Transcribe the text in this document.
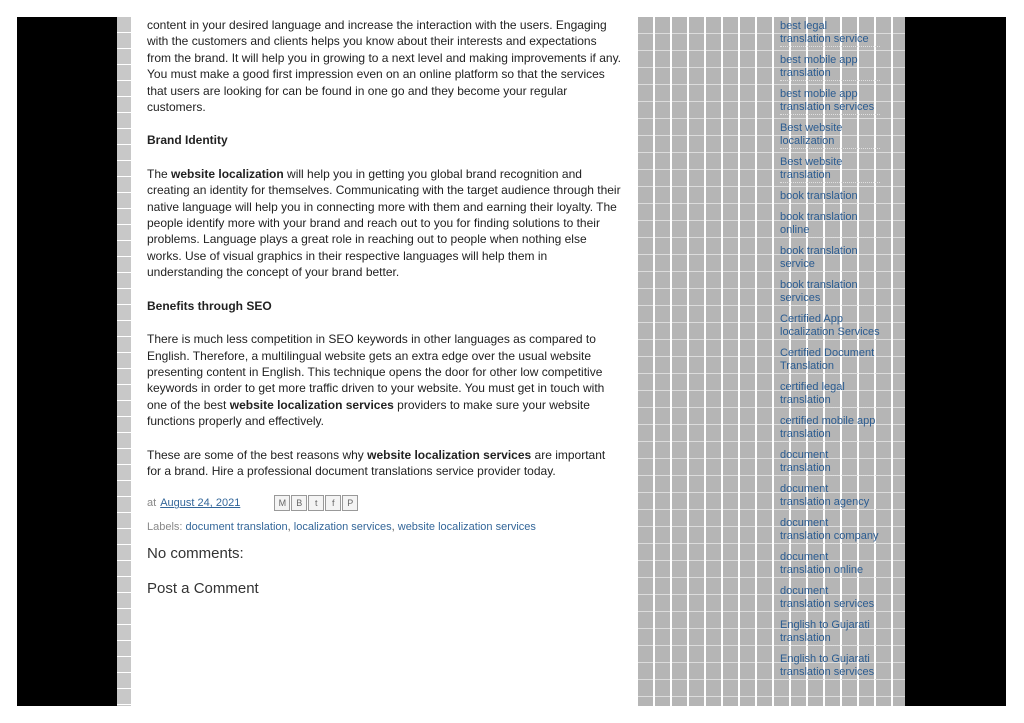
content in your desired language and increase the interaction with the users. Engaging with the customers and clients helps you know about their interests and expectations from the brand. It will help you in growing to a next level and making improvements if any. You must make a good first impression even on an online platform so that the services that users are looking for can be found in one go and they become your regular customers.

Brand Identity

The website localization will help you in getting you global brand recognition and creating an identity for themselves. Communicating with the target audience through their native language will help you in connecting more with them and earning their loyalty. The people identify more with your brand and reach out to you for finding solutions to their problems. Language plays a great role in reaching out to people when nothing else works. Use of visual graphics in their respective languages will help them in understanding the concept of your brand better.

Benefits through SEO

There is much less competition in SEO keywords in other languages as compared to English. Therefore, a multilingual website gets an extra edge over the usual website presenting content in English. This technique opens the door for other low competitive keywords in order to get more traffic driven to your website. You must get in touch with one of the best website localization services providers to make sure your website functions properly and effectively.

These are some of the best reasons why website localization services are important for a brand. Hire a professional document translations service provider today.

at August 24, 2021	M	B	t	f	P
Labels: document translation, localization services, website localization services
No comments:
Post a Comment
best legal translation service
best mobile app translation
best mobile app translation services
Best website localization
Best website translation
book translation
book translation online
book translation service
book translation services
Certified App localization Services
Certified Document Translation
certified legal translation
certified mobile app translation
document translation
document translation agency
document translation company
document translation online
document translation services
English to Gujarati translation
English to Gujarati translation services
